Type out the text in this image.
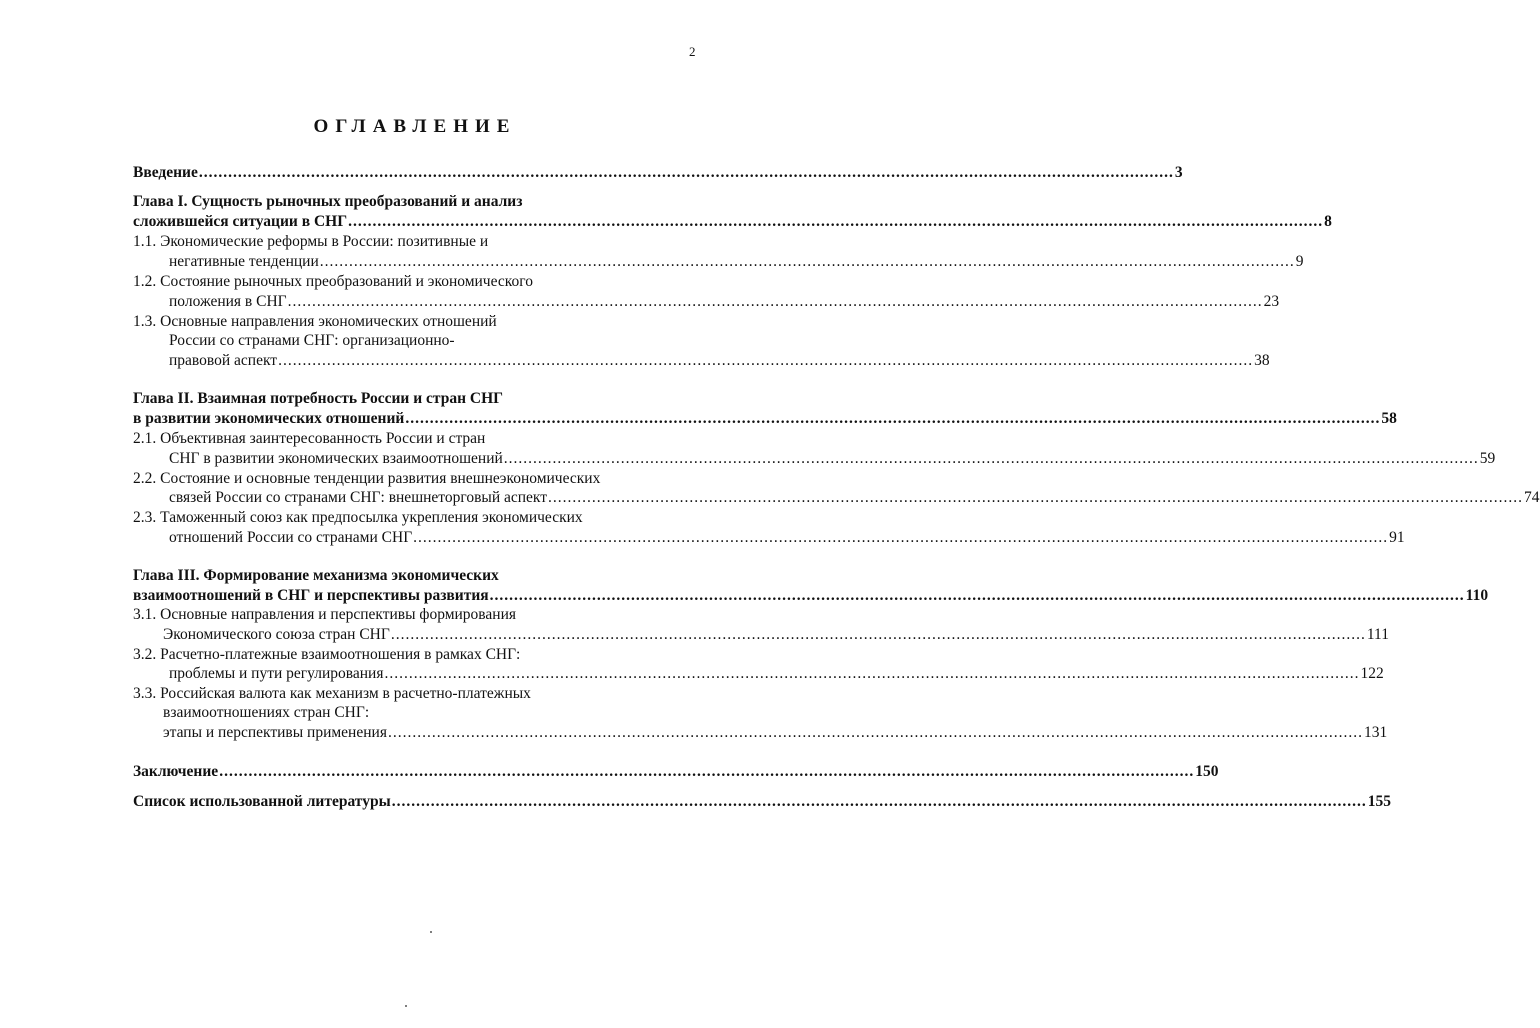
2
ОГЛАВЛЕНИЕ
Введение ........................................................................................................................................................................................................ 3
Глава I. Сущность рыночных преобразований и анализ
сложившейся ситуации в СНГ ........................................................................................................................................................................................................ 8
1.1. Экономические реформы в России: позитивные и
негативные тенденции ........................................................................................................................................................................................................ 9
1.2. Состояние рыночных преобразований и экономического
положения в СНГ ........................................................................................................................................................................................................ 23
1.3. Основные направления экономических отношений
России со странами СНГ: организационно-
правовой аспект ........................................................................................................................................................................................................ 38
Глава II. Взаимная потребность России и стран СНГ
в развитии экономических отношений ........................................................................................................................................................................................................ 58
2.1. Объективная заинтересованность России и стран
СНГ в развитии экономических взаимоотношений ........................................................................................................................................................................................................ 59
2.2. Состояние и основные тенденции развития внешнеэкономических
связей России со странами СНГ: внешнеторговый аспект ........................................................................................................................................................................................................ 74
2.3. Таможенный союз как предпосылка укрепления экономических
отношений России со странами СНГ ........................................................................................................................................................................................................ 91
Глава III. Формирование механизма экономических
взаимоотношений в СНГ и перспективы развития ........................................................................................................................................................................................................ 110
3.1. Основные направления и перспективы формирования
Экономического союза стран СНГ ........................................................................................................................................................................................................ 111
3.2. Расчетно-платежные взаимоотношения в рамках СНГ:
проблемы и пути регулирования ........................................................................................................................................................................................................ 122
3.3. Российская валюта как механизм в расчетно-платежных
взаимоотношениях стран СНГ:
этапы и перспективы применения ........................................................................................................................................................................................................ 131
Заключение ........................................................................................................................................................................................................ 150
Список использованной литературы ........................................................................................................................................................................................................ 155
